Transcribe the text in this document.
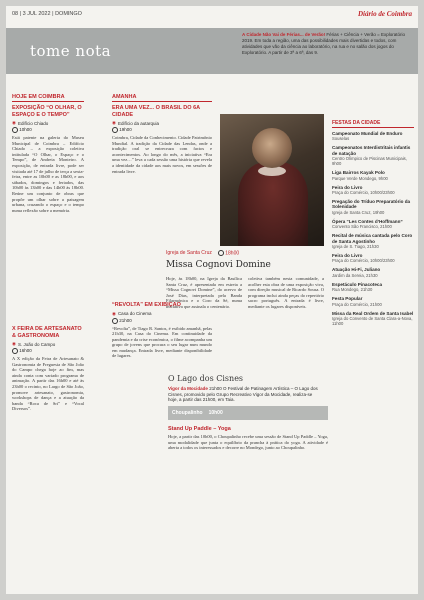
08 | 3 JUL 2022 | DOMINGO	Diário de Coimbra
tome nota
A Cidade Não Vai de Férias... de Verão! Férias + Ciência + Verão = Exploratório 2019. Em toda a região, uma das possibilidades mais divertidas e todos, com atividades que vão da ciência ao laboratório, na rua e no salão dos jogos do Exploratório. A partir de 3ª a 6ª, das 9.
HOJE EM COIMBRA
EXPOSIÇÃO “O OLHAR, O ESPAÇO E O TEMPO”
◉ Edifício Chiado
10h00
Está patente na galeria do Museu Municipal de Coimbra – Edifício Chiado – a exposição coletiva intitulada “O Olhar, o Espaço e o Tempo”, de Andreia Monteiro. A exposição, de entrada livre, pode ser visitada até 17 de julho de terça a sexta-feira, entre as 10h00 e as 18h00, e aos sábados, domingos e feriados, das 10h00 às 13h00 e das 14h00 às 18h00. Reúne um conjunto de obras que propõe um olhar sobre a paisagem urbana, cruzando o espaço e o tempo numa reflexão sobre a memória.
X FEIRA DE ARTESANATO & GASTRONOMIA
◉ S. João do Campo
16h00
A X edição da Feira de Artesanato & Gastronomia de Freguesia de São João do Campo chega hoje ao fim, mas ainda conta com variado programa de animação. A partir das 16h00 e até às 23h00 o recinto, no Largo de São João, promove artesanato, gastronomia, workshops de dança e a atuação da banda “Roca de Sri” e “Vocal Diversos”.
AMANHÃ
ERA UMA VEZ... O BRASIL DO 6A CIDADE
◉ Edifício da autarquia
19h00
Coimbra, Cidade da Conhecimento. Cidade Patrimônio Mundial. A tradição da Cidade das Lendas, onde a tradição oral se entrecruza com factos e acontecimentos. Ao longo do mês, a iniciativa “Era uma vez…” leva a cada sessão uma história que revela a identidade da cidade aos mais novos, em sessões de entrada livre.
“REVOLTA” EM EXIBIÇÃO
◉ Casa do Cinema
21h00
“Revolta”, de Tiago R. Santos, é exibido amanhã, pelas 21h30, na Casa do Cinema. Em continuidade da pandemia e da crise económica, o filme acompanha um grupo de jovens que procura o seu lugar num mundo em mudança. Entrada livre, mediante disponibilidade de lugares.
Igreja de Santa Cruz	18h00
Missa Cognovi Domine
Hoje, às 18h00, na Igreja da Basílica Santa Cruz, é apresentada em estreia a “Missa Cognovi Domine”, do acervo de José Dias, interpretada pela Banda Filarmónica e o Coro da Sé, numa iniciativa que assinala o centenário.
coletiva também nesta comunidade, a acolher esta obra de uma exposição viva, com direção musical de Ricardo Sousa. O programa inclui ainda peças do repertório sacro português. A entrada é livre, mediante os lugares disponíveis.
O Lago dos Cisnes
Vigor da Mocidade 21h00 O Festival de Patinagem Artística – O Lago dos Cisnes, promovido pelo Grupo Recreativo Vigor da Mocidade, realiza-se hoje, a partir das 21h00, em Taia.
Choupalinho 10h00
Stand Up Paddle – Yoga
Hoje, a partir das 10h00, o Choupalinho recebe uma sessão de Stand Up Paddle – Yoga, uma modalidade que junta o equilíbrio da prancha à prática do yoga. A atividade é aberta a todos os interessados e decorre no Mondego, junto ao Choupalinho.
FESTAS DA CIDADE
Campeonato Mundial de Enduro
Souselas
Campeonatos Interdistritais infantis de natação
Centro Olímpico de Piscinas Municipais, 9h00
Liga Bairros Kayak Polo
Parque Verde Mondego, 9h00
Feira do Livro
Praça do Comércio, 10h00/23h00
Pregação do Tríduo Preparatório da Solenidade
Igreja de Santa Cruz, 19h00
Ópera “Les Contes d’Hoffmann”
Convento São Francisco, 21h00
Recital de música cantada pelo Coro de Santa Agostinho
Igreja de S. Tiago, 21h30
Feira do Livro
Praça do Comércio, 10h00/23h00
Atuação Hi-Fi, Juliano
Jardim da Sereia, 21h30
Espetáculo Pinacoteca
Rua Mondego, 21h30
Festa Popular
Praça do Comércio, 21h00
Missa da Real Ordem de Santa Isabel
Igreja do Convento de Santa Clara-a-Nova, 11h00
